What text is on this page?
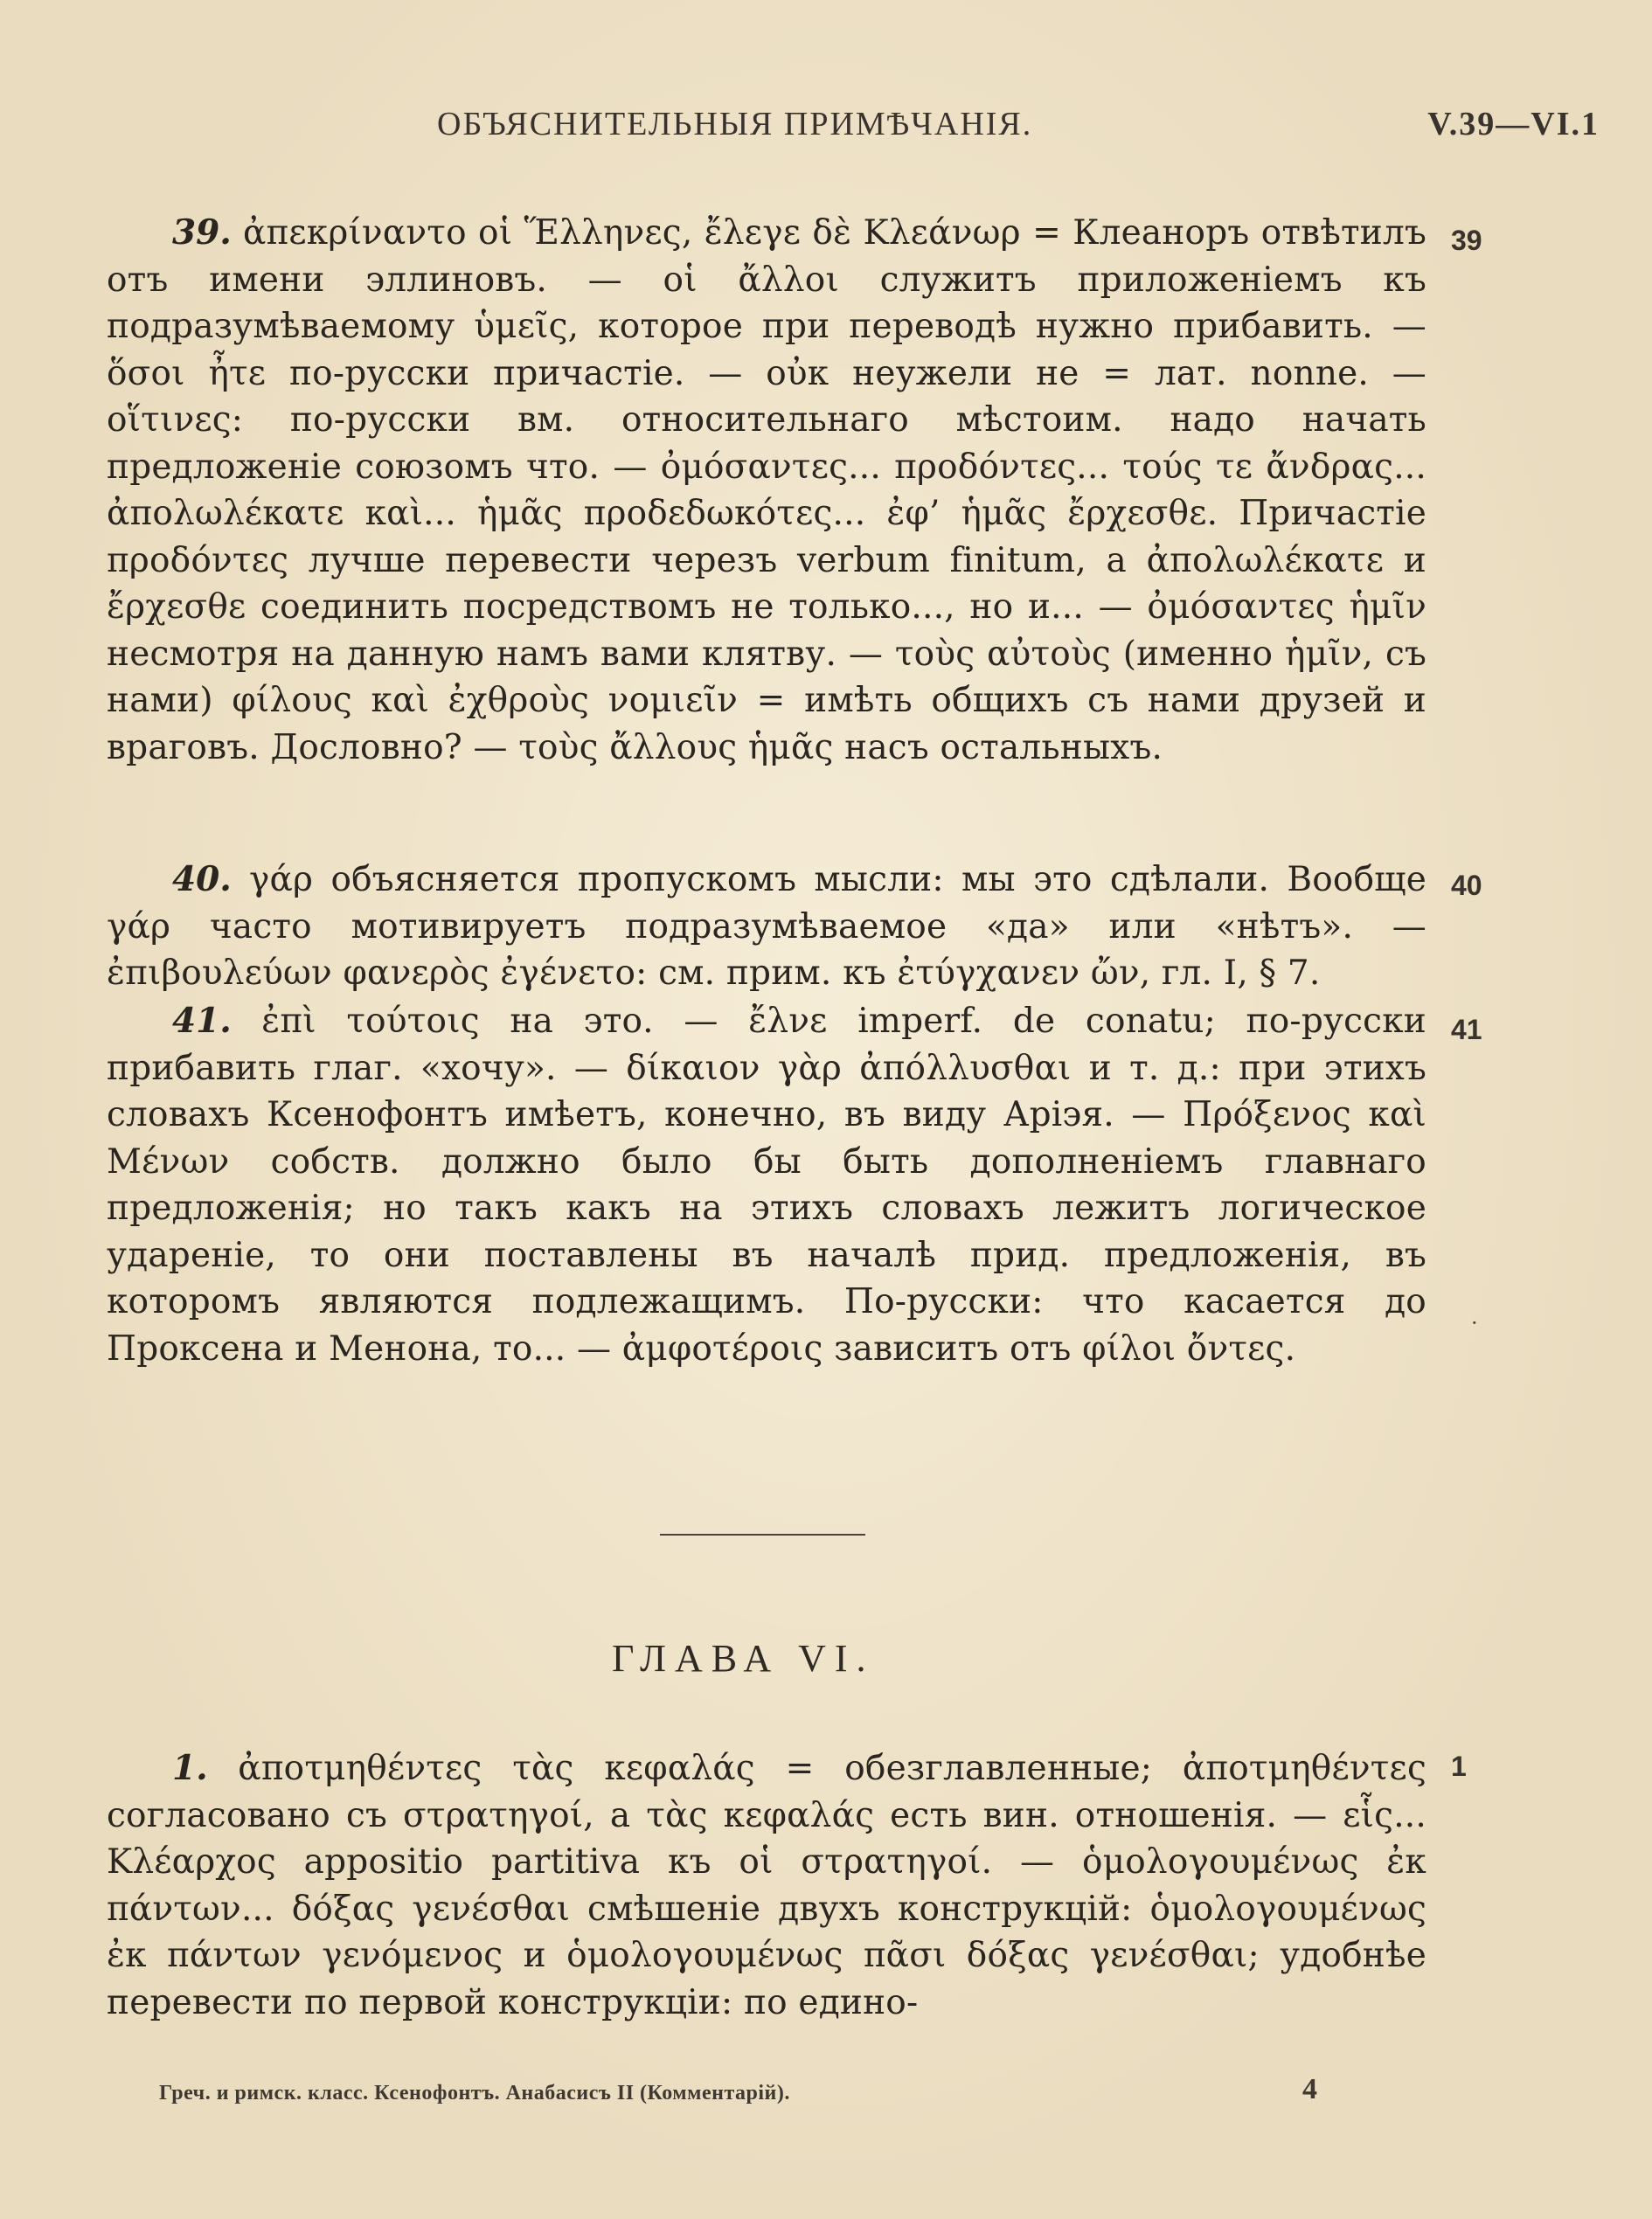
ОБЪЯСНИТЕЛЬНЫЯ ПРИМѢЧАНІЯ.	V.39—VI.1

39. ἀπεκρίναντο οἱ Ἕλληνες, ἔλεγε δὲ Κλεάνωρ = Клеаноръ отвѣтилъ отъ имени эллиновъ. — οἱ ἄλλοι служитъ приложеніемъ къ подразумѣваемому ὑμεῖς, которое при переводѣ нужно прибавить. — ὅσοι ἦτε по-русски причастіе. — οὐκ неужели не = лат. nonne. — οἵτινες: по-русски вм. относительнаго мѣстоим. надо начать предложеніе союзомъ что. — ὀμόσαντες... προδόντες... τούς τε ἄνδρας... ἀπολωλέκατε καὶ... ἡμᾶς προδεδωκότες... ἐφ’ ἡμᾶς ἔρχεσθε. Причастіе προδόντες лучше перевести черезъ verbum finitum, а ἀπολωλέκατε и ἔρχεσθε соединить посредствомъ не только..., но и... — ὀμόσαντες ἡμῖν несмотря на данную намъ вами клятву. — τοὺς αὐτοὺς (именно ἡμῖν, съ нами) φίλους καὶ ἐχθροὺς νομιεῖν = имѣть общихъ съ нами друзей и враговъ. Дословно? — τοὺς ἄλλους ἡμᾶς насъ остальныхъ.

39

40. γάρ объясняется пропускомъ мысли: мы это сдѣлали. Вообще γάρ часто мотивируетъ подразумѣваемое «да» или «нѣтъ». — ἐπιβουλεύων φανερὸς ἐγένετο: см. прим. къ ἐτύγχανεν ὤν, гл. I, § 7.

40

41. ἐπὶ τούτοις на это. — ἔλνε imperf. de conatu; по-русски прибавить глаг. «хочу». — δίκαιον γὰρ ἀπόλλυσθαι и т. д.: при этихъ словахъ Ксенофонтъ имѣетъ, конечно, въ виду Аріэя. — Πρόξενος καὶ Μένων собств. должно было бы быть дополненіемъ главнаго предложенія; но такъ какъ на этихъ словахъ лежитъ логическое удареніе, то они поставлены въ началѣ прид. предложенія, въ которомъ являются подлежащимъ. По-русски: что касается до Проксена и Менона, то... — ἀμφοτέροις зависитъ отъ φίλοι ὄντες.

41
·
ГЛАВА VI.

1. ἀποτμηθέντες τὰς κεφαλάς = обезглавленные; ἀποτμηθέντες согласовано съ στρατηγοί, а τὰς κεφαλάς есть вин. отношенія. — εἷς... Κλέαρχος appositio partitiva къ οἱ στρατηγοί. — ὁμολογουμένως ἐκ πάντων... δόξας γενέσθαι смѣшеніе двухъ конструкцій: ὁμολογουμένως ἐκ πάντων γενόμενος и ὁμολογουμένως πᾶσι δόξας γενέσθαι; удобнѣе перевести по первой конструкціи: по едино-

1
Греч. и римск. класс. Ксенофонтъ. Анабасисъ II (Комментарій).	4
